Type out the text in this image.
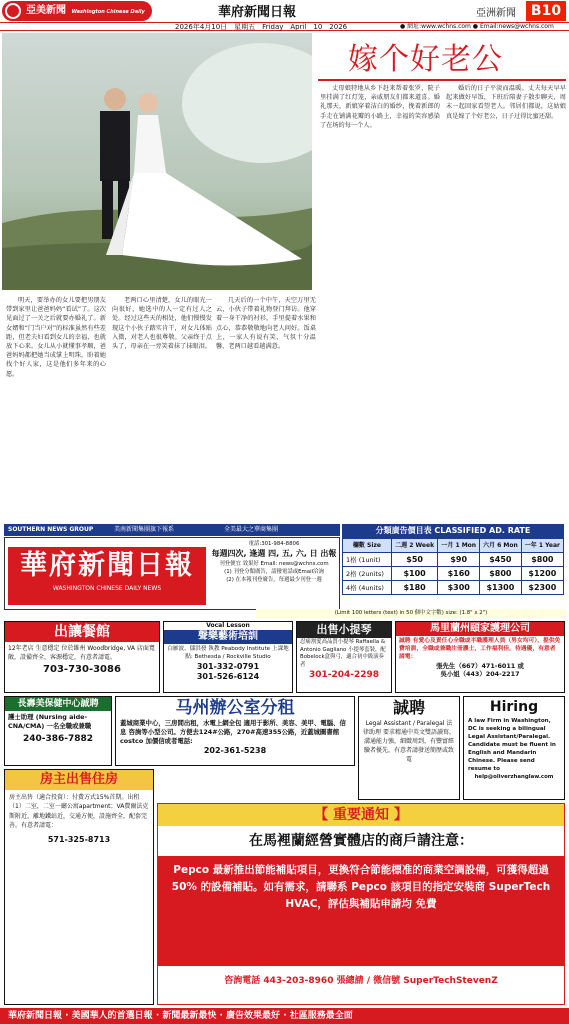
亞美新聞 Washington Chinese Daily	華府新聞日報	亞洲新聞	B10
2026年4月10日　星期五　Friday　April　10　2026	● 網址:www.wchns.com ● Email:news@wchns.com
嫁个好老公

明天，要举办的女儿要把男朋友带到家里让爸爸妈妈“看试”了。这次见面过了一关之后就要办婚礼了。新女婿和“门当户对”的标准虽然有些差距，但老夫妇看到女儿的幸福，也就放下心来。女儿从小就懂事孝顺，爸爸妈妈都把她当成掌上明珠，盼着她找个好人家，这是他们多年来的心愿。

老两口心里清楚，女儿的眼光一向很好，她选中的人一定有过人之处。经过这些天的相处，他们慢慢发现这个小伙子踏实肯干，对女儿体贴入微，对老人也很尊敬。父亲终于点头了，母亲在一旁笑着抹了抹眼泪。

几天后的一个中午，天空万里无云，小伙子带着礼物登门拜访。他穿着一身干净的衬衫，手里提着水果和点心，恭恭敬敬地向老人问好。饭桌上，一家人有说有笑，气氛十分温馨，老两口越看越满意。

丈母娘特地从乡下赶来帮着张罗，院子里挂满了红灯笼，亲戚朋友们都来道喜。婚礼那天，新娘穿着洁白的婚纱，挽着新郎的手走在铺满花瓣的小路上，幸福的笑容感染了在场的每一个人。

婚后的日子平淡而温暖。丈夫每天早早起来做好早饭，下班后陪妻子散步聊天，周末一起回家看望老人。邻居们都说，这姑娘真是嫁了个好老公，日子过得比蜜还甜。

SOUTHERN NEWS GROUP	美南新聞集團旗下報系	全美最大之華商集團
華府新聞日報
WASHINGTON CHINESE DAILY NEWS
電話:301-984-8806
每週四次, 逢週 四, 五, 六, 日 出報
刊登便宜 效果好 Email: news@wchns.com
(1) 刊登分類廣告，請撥電話或Email洽詢
(2) 在本報刊登廣告，每週最少刊登一週
分類廣告價目表 CLASSIFIED AD. RATE
欄數 Size	二週 2 Week	一月 1 Mon	六月 6 Mon	一年 1 Year
1格 (1unit)	$50	$90	$450	$800
2格 (2units)	$100	$160	$800	$1200
4格 (4units)	$180	$300	$1300	$2300
(Limit 100 letters (text) in 50 個中文字數) size: (1.8" x 2")
出讓餐館
12年老店 生意穩定 位於維州 Woodbridge, VA 店面寬敞，設備齊全，客源穩定，有意者請電。
703-730-3086
Vocal Lesson
聲樂藝術培訓
白雁波、儲洪發 執教 Peabody Institute 上課地點: Bethesda / Rockville Studio
301-332-0791
301-526-6124
出售小提琴
忍痛割愛高品質小提琴 Raffaella & Antonio Gagliano 小提琴套裝，配Bobelock盒與弓，適合初中級演奏者
301-204-2298
馬里蘭州頤家護理公司
誠聘 有愛心及責任心全職或半職護理人員（男女均可），提供免費培訓，全職或兼職注冊護士，工作福利佳，待遇優，有意者請電：
張先生（667）471-6011 或
吳小姐（443）204-2217
長壽美保健中心誠聘
護士助理 (Nursing aide-CNA/CMA) 一名全職或兼職
240-386-7882
马州辦公室分租
蓋城商業中心，三房間出租，水電上網全包 適用于影所、美容、美甲、電腦、信息 咨詢等小型公司。方便去124#公路，270#高速355公路，近蓋城圖書館costco 加價信或者電話:
202-361-5238
誠聘
Legal Assistant / Paralegal 法律助理 要求精通中英文雙語讀寫，溝通能力強，細緻周到，有豐富經驗者優先，有意者請發送簡歷或致電
Hiring
A law Firm in Washington, DC is seeking a bilingual Legal Assistant/Paralegal. Candidate must be fluent in English and Mandarin Chinese. Please send resume to
help@oliverzhanglaw.com
房主出售住房
房主出售（適合投資）：付費方式15%首期。出租（1）二室，二室一廳公寓apartment；VA費爾法克斯附近，離地鐵站近，交通方便，設施齊全，配套完善。有意者請電：
571-325-8713
【 重要通知 】
在馬裡蘭經營實體店的商戶請注意：
Pepco 最新推出節能補貼項目，更換符合節能標准的商業空調設備，可獲得超過 50% 的設備補貼。如有需求，請聯系 Pepco 該項目的指定安裝商 SuperTech HVAC，評估與補貼申請均 免費
咨詢電話 443-203-8960 張總請 / 微信號 SuperTechStevenZ
華府新聞日報 · 美國華人的首選日報 · 新聞最新最快 · 廣告效果最好 · 社區服務最全面
